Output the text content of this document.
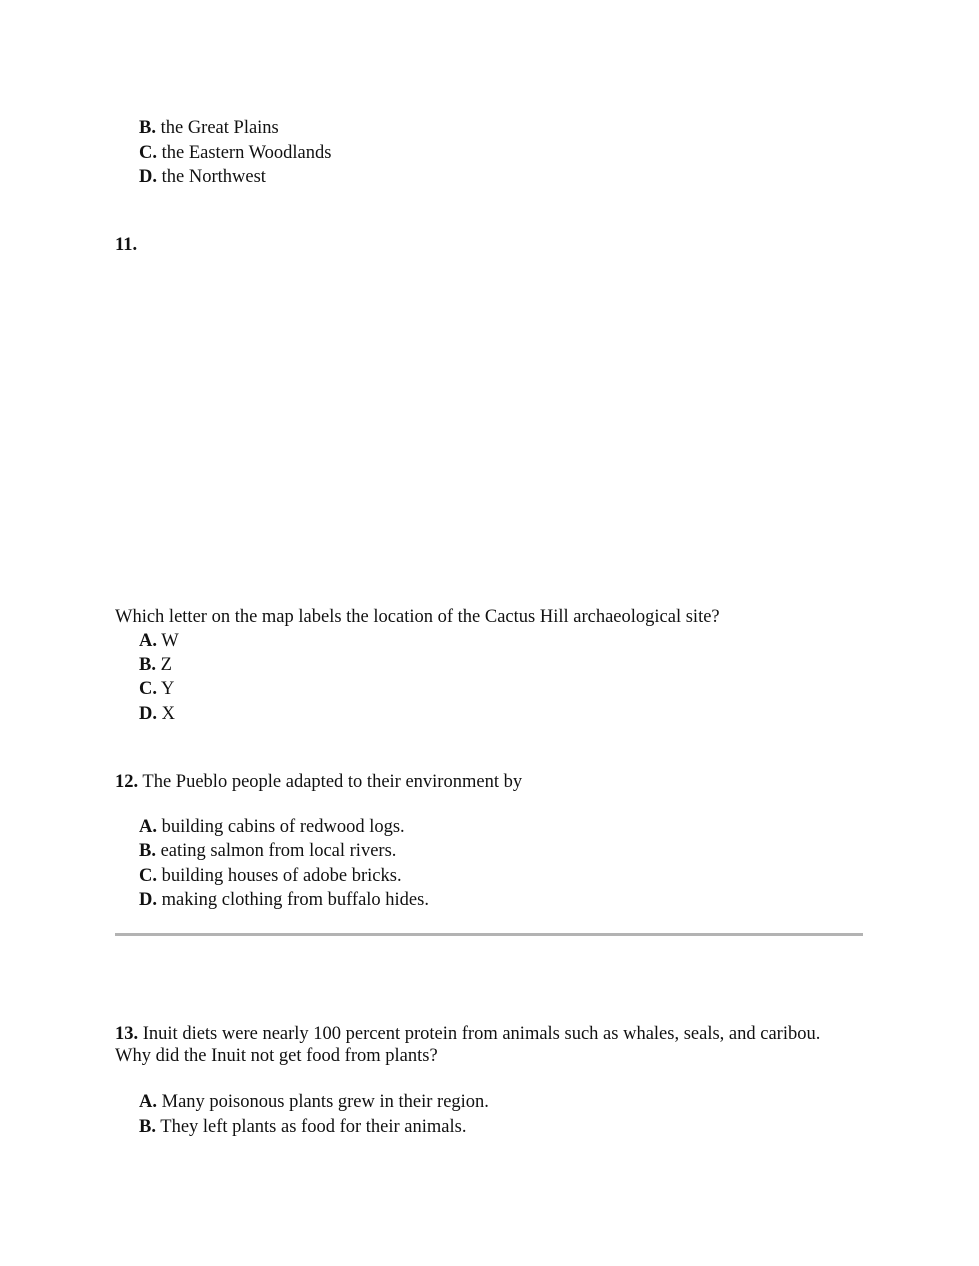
B. the Great Plains
C. the Eastern Woodlands
D. the Northwest
11.
Which letter on the map labels the location of the Cactus Hill archaeological site?
A. W
B. Z
C. Y
D. X
12. The Pueblo people adapted to their environment by
A. building cabins of redwood logs.
B. eating salmon from local rivers.
C. building houses of adobe bricks.
D. making clothing from buffalo hides.
13. Inuit diets were nearly 100 percent protein from animals such as whales, seals, and caribou.
Why did the Inuit not get food from plants?
A. Many poisonous plants grew in their region.
B. They left plants as food for their animals.
